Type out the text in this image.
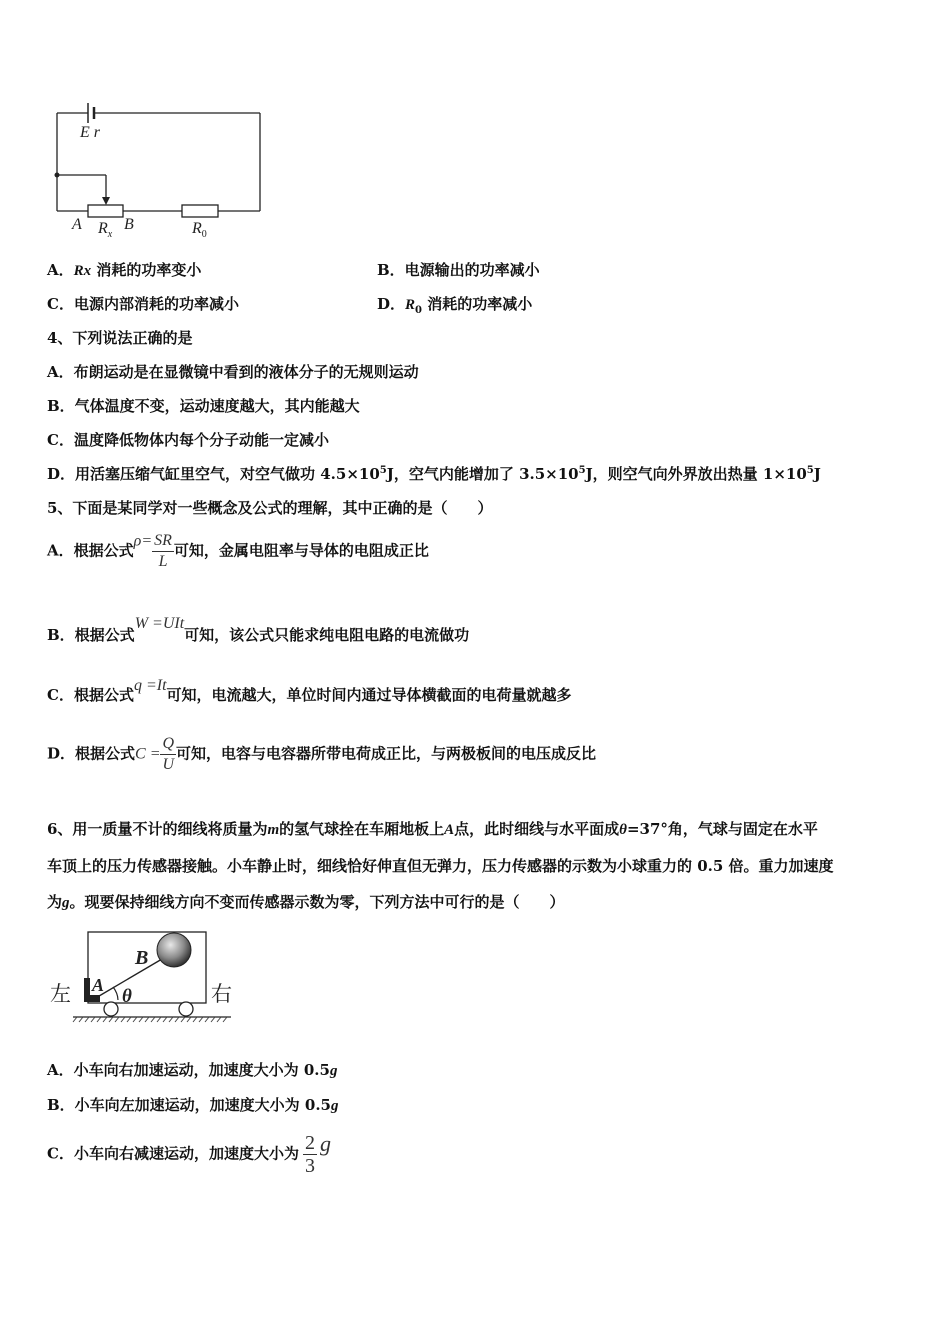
E r
A $R_x$
B	$R_0$
A．Rx 消耗的功率变小	B．电源输出的功率减小
C．电源内部消耗的功率减小	D．$R_0$ 消耗的功率减小
4、下列说法正确的是
A．布朗运动是在显微镜中看到的液体分子的无规则运动
B．气体温度不变，运动速度越大，其内能越大
C．温度降低物体内每个分子动能一定减小
D．用活塞压缩气缸里空气，对空气做功 $4.5\times 10^5J$，空气内能增加了 $3.5\times 10^5J$，则空气向外界放出热量 $1\times 10^5J$
5、下面是某同学对一些概念及公式的理解，其中正确的是（　　）
A．根据公式$\rho= \frac{SR}{L}$ 可知，金属电阻率与导体的电阻成正比
B．根据公式W =UIt可知，该公式只能求纯电阻电路的电流做功
C．根据公式q =It可知，电流越大，单位时间内通过导体横截面的电荷量就越多
D．根据公式$C = \frac{Q}{U}$ 可知，电容与电容器所带电荷成正比，与两极板间的电压成反比
6、用一质量不计的细线将质量为m的氢气球拴在车厢地板上A点，此时细线与水平面成θ=37°角，气球与固定在水平
车顶上的压力传感器接触。小车静止时，细线恰好伸直但无弹力，压力传感器的示数为小球重力的 0.5 倍。重力加速度
为g。现要保持细线方向不变而传感器示数为零，下列方法中可行的是（　　）
B
A
θ
左	右
A．小车向右加速运动，加速度大小为 0.5g
B．小车向左加速运动，加速度大小为 0.5g
C．小车向右减速运动，加速度大小为 $\frac{2}{3}$ g
